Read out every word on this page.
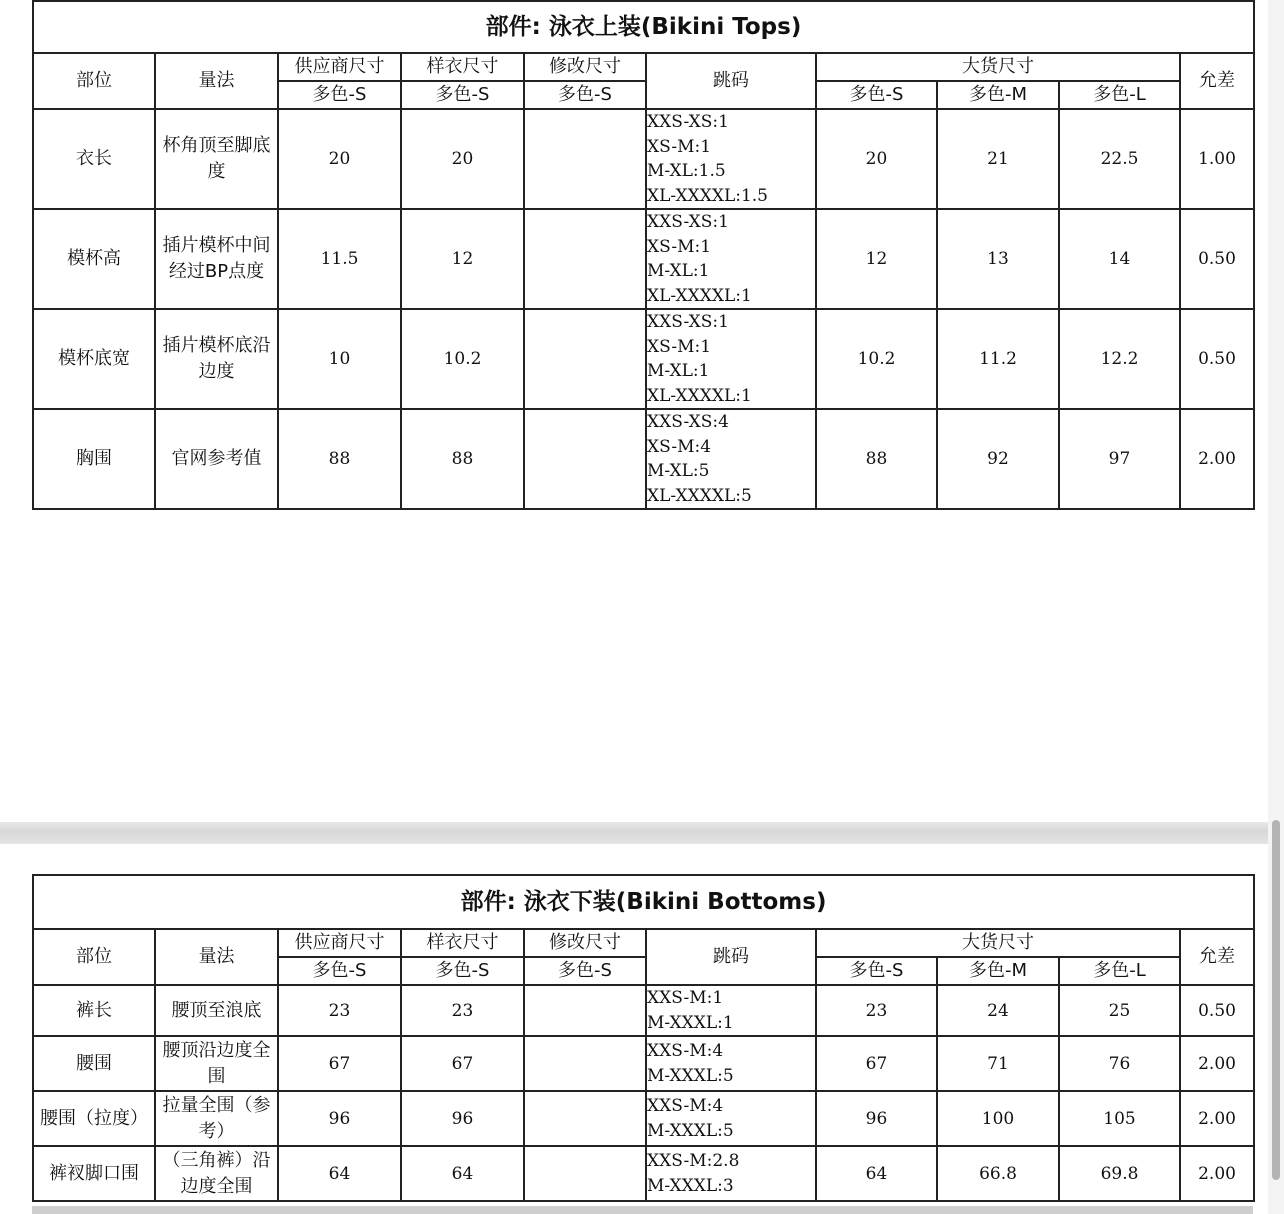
部件: 泳衣上装(Bikini Tops)									
部位	量法	供应商尺寸	样衣尺寸	修改尺寸	跳码	大货尺寸			允差
		多色-S	多色-S	多色-S		多色-S	多色-M	多色-L	
衣长	杯角顶至脚底度	20	20		XXS-XS:1
XS-M:1
M-XL:1.5
XL-XXXXL:1.5	20	21	22.5	1.00
模杯高	插片模杯中间经过BP点度	11.5	12		XXS-XS:1
XS-M:1
M-XL:1
XL-XXXXL:1	12	13	14	0.50
模杯底宽	插片模杯底沿边度	10	10.2		XXS-XS:1
XS-M:1
M-XL:1
XL-XXXXL:1	10.2	11.2	12.2	0.50
胸围	官网参考值	88	88		XXS-XS:4
XS-M:4
M-XL:5
XL-XXXXL:5	88	92	97	2.00
部件: 泳衣下装(Bikini Bottoms)									
部位	量法	供应商尺寸	样衣尺寸	修改尺寸	跳码	大货尺寸			允差
		多色-S	多色-S	多色-S		多色-S	多色-M	多色-L	
裤长	腰顶至浪底	23	23		XXS-M:1
M-XXXL:1	23	24	25	0.50
腰围	腰顶沿边度全围	67	67		XXS-M:4
M-XXXL:5	67	71	76	2.00
腰围（拉度）	拉量全围（参考）	96	96		XXS-M:4
M-XXXL:5	96	100	105	2.00
裤衩脚口围	（三角裤）沿边度全围	64	64		XXS-M:2.8
M-XXXL:3	64	66.8	69.8	2.00
